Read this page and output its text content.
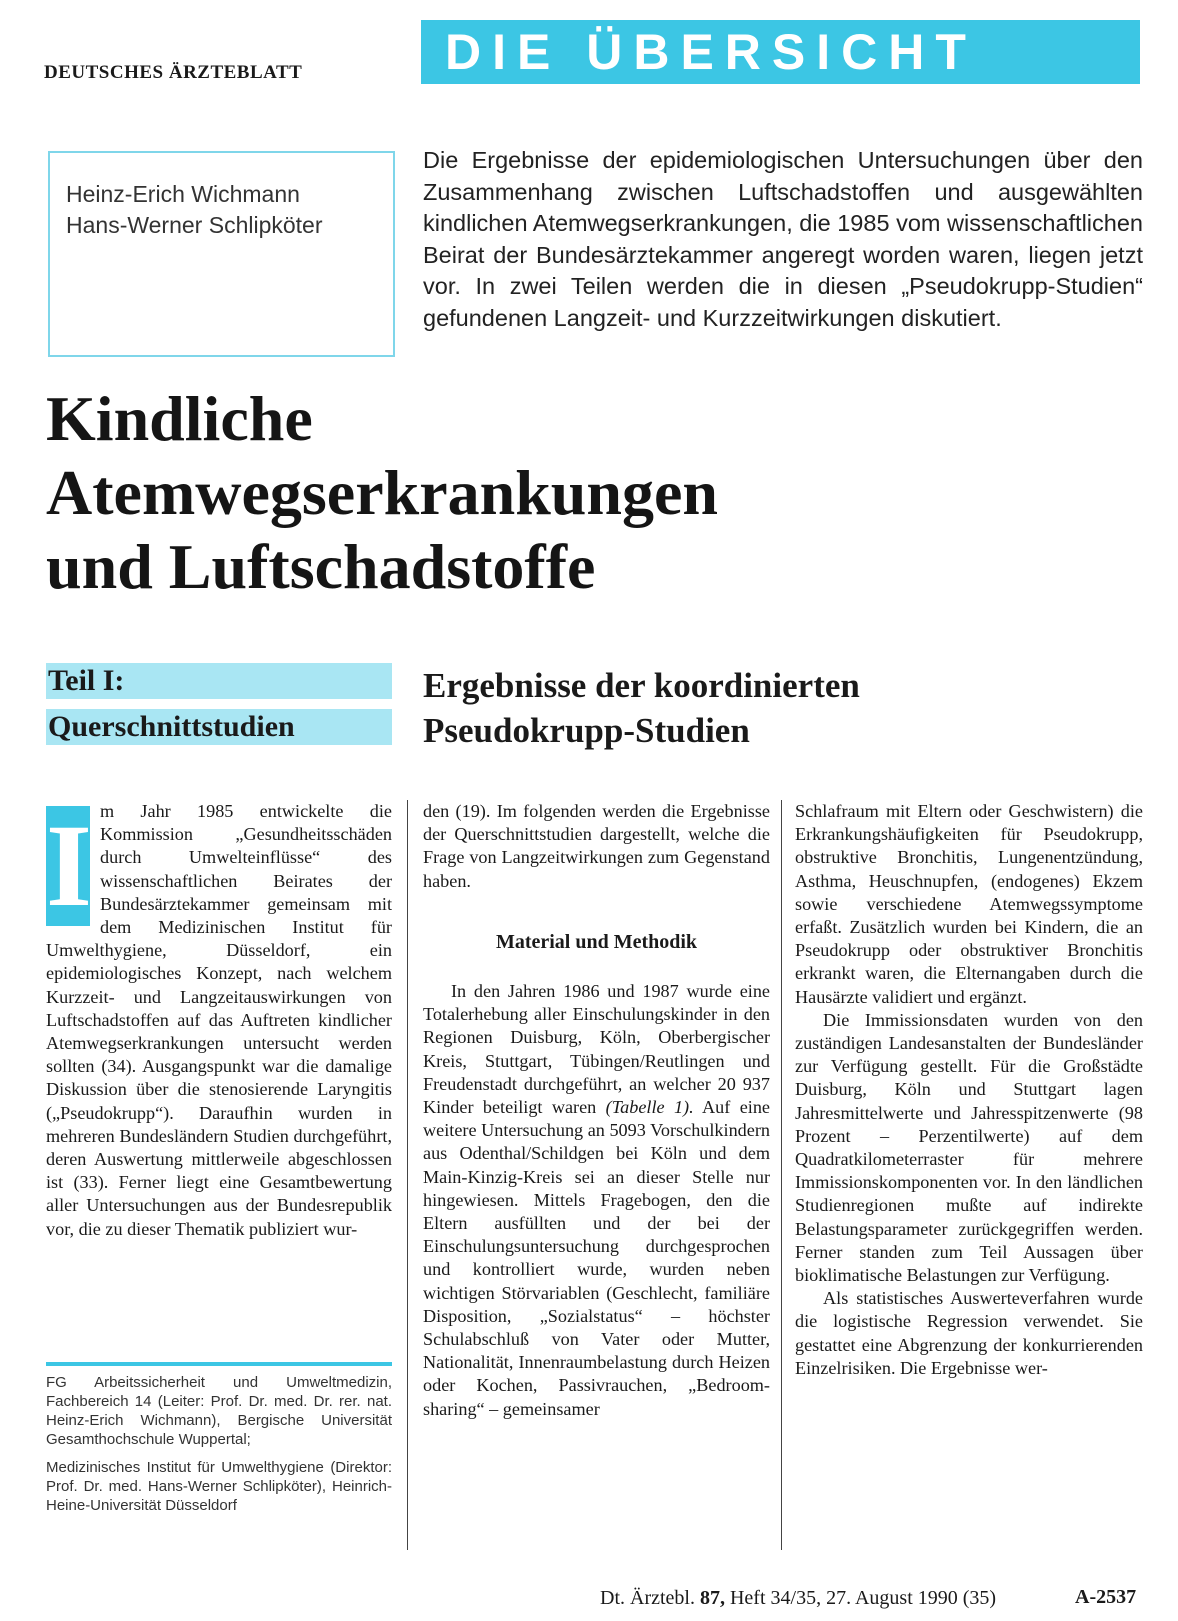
DEUTSCHES ÄRZTEBLATT	DIE ÜBERSICHT
Heinz-Erich Wichmann
Hans-Werner Schlipköter
Die Ergebnisse der epidemiologischen Untersuchungen über den Zusammenhang zwischen Luftschadstoffen und ausgewählten kindlichen Atemwegserkrankungen, die 1985 vom wissenschaftlichen Beirat der Bundesärztekammer angeregt worden waren, liegen jetzt vor. In zwei Teilen werden die in diesen „Pseudokrupp-Studien“ gefundenen Langzeit- und Kurzzeitwirkungen diskutiert.
Kindliche
Atemwegserkrankungen
und Luftschadstoffe
Teil I:
Querschnittstudien
Ergebnisse der koordinierten
Pseudokrupp-Studien
I m Jahr 1985 entwickelte die Kommission „Gesundheitsschäden durch Umwelteinflüsse“ des wissenschaftlichen Beirates der Bundesärztekammer gemeinsam mit dem Medizinischen Institut für Umwelthygiene, Düsseldorf, ein epidemiologisches Konzept, nach welchem Kurzzeit- und Langzeitauswirkungen von Luftschadstoffen auf das Auftreten kindlicher Atemwegserkrankungen untersucht werden sollten (34). Ausgangspunkt war die damalige Diskussion über die stenosierende Laryngitis („Pseudokrupp“). Daraufhin wurden in mehreren Bundesländern Studien durchgeführt, deren Auswertung mittlerweile abgeschlossen ist (33). Ferner liegt eine Gesamtbewertung aller Untersuchungen aus der Bundesrepublik vor, die zu dieser Thematik publiziert wur-

den (19). Im folgenden werden die Ergebnisse der Querschnittstudien dargestellt, welche die Frage von Langzeitwirkungen zum Gegenstand haben.

Material und Methodik

In den Jahren 1986 und 1987 wurde eine Totalerhebung aller Einschulungskinder in den Regionen Duisburg, Köln, Oberbergischer Kreis, Stuttgart, Tübingen/Reutlingen und Freudenstadt durchgeführt, an welcher 20 937 Kinder beteiligt waren (Tabelle 1). Auf eine weitere Untersuchung an 5093 Vorschulkindern aus Odenthal/Schildgen bei Köln und dem Main-Kinzig-Kreis sei an dieser Stelle nur hingewiesen. Mittels Fragebogen, den die Eltern ausfüllten und der bei der Einschulungsuntersuchung durchgesprochen und kontrolliert wurde, wurden neben wichtigen Störvariablen (Geschlecht, familiäre Disposition, „Sozialstatus“ – höchster Schulabschluß von Vater oder Mutter, Nationalität, Innenraumbelastung durch Heizen oder Kochen, Passivrauchen, „Bedroom-sharing“ – gemeinsamer

Schlafraum mit Eltern oder Geschwistern) die Erkrankungshäufigkeiten für Pseudokrupp, obstruktive Bronchitis, Lungenentzündung, Asthma, Heuschnupfen, (endogenes) Ekzem sowie verschiedene Atemwegssymptome erfaßt. Zusätzlich wurden bei Kindern, die an Pseudokrupp oder obstruktiver Bronchitis erkrankt waren, die Elternangaben durch die Hausärzte validiert und ergänzt.

Die Immissionsdaten wurden von den zuständigen Landesanstalten der Bundesländer zur Verfügung gestellt. Für die Großstädte Duisburg, Köln und Stuttgart lagen Jahresmittelwerte und Jahresspitzenwerte (98 Prozent – Perzentilwerte) auf dem Quadratkilometerraster für mehrere Immissionskomponenten vor. In den ländlichen Studienregionen mußte auf indirekte Belastungsparameter zurückgegriffen werden. Ferner standen zum Teil Aussagen über bioklimatische Belastungen zur Verfügung.

Als statistisches Auswerteverfahren wurde die logistische Regression verwendet. Sie gestattet eine Abgrenzung der konkurrierenden Einzelrisiken. Die Ergebnisse wer-

FG Arbeitssicherheit und Umweltmedizin, Fachbereich 14 (Leiter: Prof. Dr. med. Dr. rer. nat. Heinz-Erich Wichmann), Bergische Universität Gesamthochschule Wuppertal;

Medizinisches Institut für Umwelthygiene (Direktor: Prof. Dr. med. Hans-Werner Schlipköter), Heinrich-Heine-Universität Düsseldorf

Dt. Ärztebl. 87, Heft 34/35, 27. August 1990 (35)	A-2537
